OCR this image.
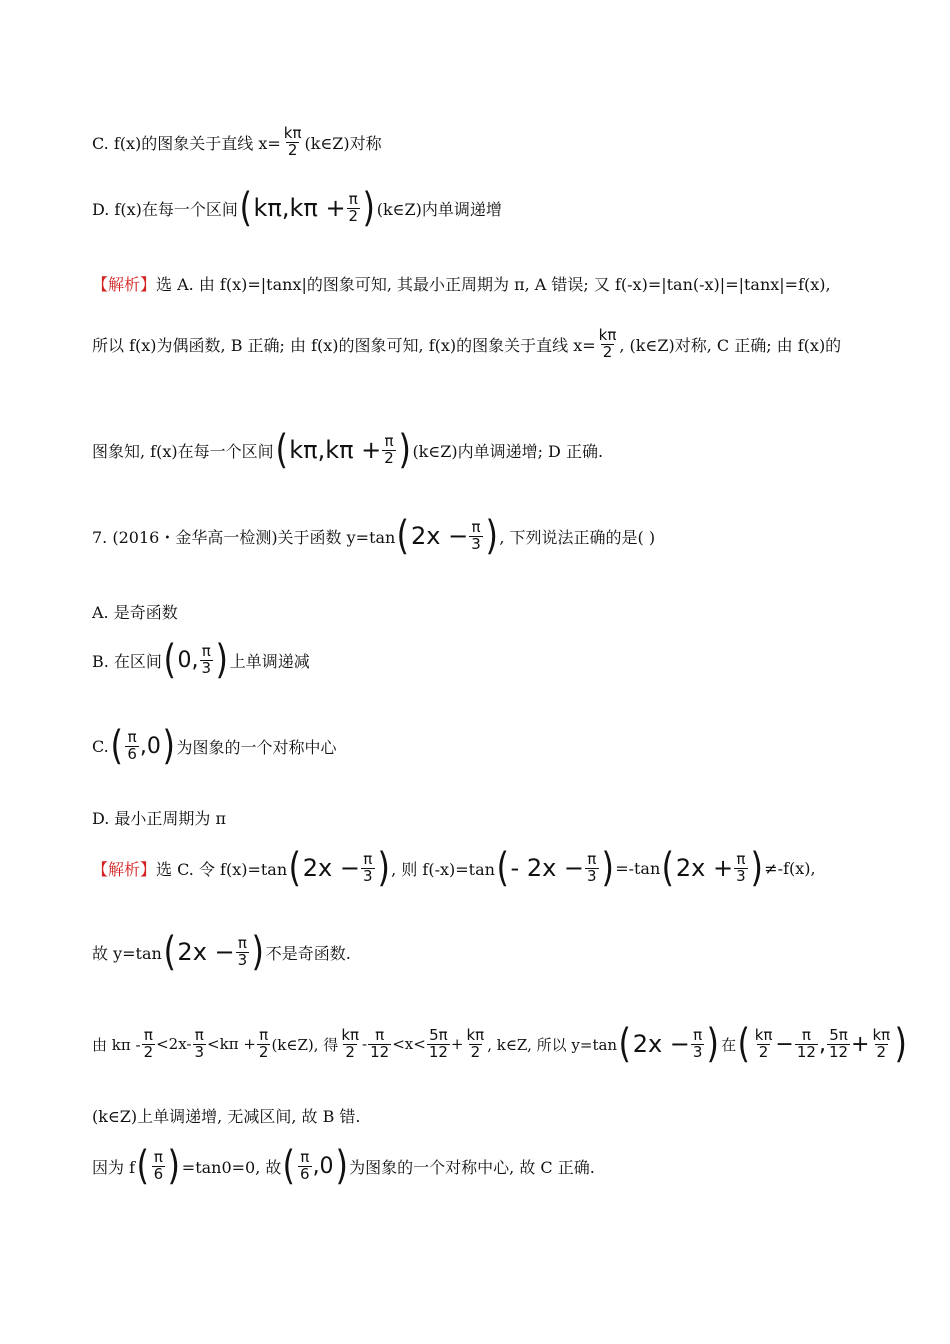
C. f(x)的图象关于直线 $x= \frac{k\pi}{2}$ (k∈Z)对称
D. f(x)在每一个区间 ( $k\pi,k\pi + \frac{\pi}{2}$ ) (k∈Z)内单调递增
【解析】 选 A. 由 f(x)=|tanx|的图象可知, 其最小正周期为 π, A 错误; 又 f(-x)=|tan(-x)|=|tanx|=f(x),
所以 f(x)为偶函数, B 正确; 由 f(x)的图象可知, f(x)的图象关于直线 $x= \frac{k\pi}{2}$ , (k∈Z)对称, C 正确; 由 f(x)的
图象知, f(x)在每一个区间 ( $k\pi,k\pi + \frac{\pi}{2}$ ) (k∈Z)内单调递增; D 正确.
7. (2016・金华高一检测)关于函数 y=tan ( $2x - \frac{\pi}{3}$ ) , 下列说法正确的是( )
A. 是奇函数
B. 在区间 ( 0, $\frac{\pi}{3}$ ) 上单调递减
C. ( $\frac{\pi}{6} ,0$ ) 为图象的一个对称中心
D. 最小正周期为 π
【解析】 选 C. 令 f(x)=tan ( $2x - \frac{\pi}{3}$ ) , 则 f(-x)=tan ( - $2x - \frac{\pi}{3}$ ) =-tan ( $2x + \frac{\pi}{3}$ ) ≠-f(x),
故 y=tan ( $2x - \frac{\pi}{3}$ ) 不是奇函数.
由 $k\pi - \frac{\pi}{2} <2x- \frac{\pi}{3} <k\pi + \frac{\pi}{2}$ (k∈Z), 得 $\frac{k\pi}{2} - \frac{\pi}{12} <x< \frac{5\pi}{12} + \frac{k\pi}{2}$ , k∈Z, 所以 y=tan ( $2x - \frac{\pi}{3}$ ) 在 ( $\frac{k\pi}{2} - \frac{\pi}{12}$ , $\frac{5\pi}{12} + \frac{k\pi}{2}$ )
(k∈Z)上单调递增, 无减区间, 故 B 错.
因为 f ( $\frac{\pi}{6}$ ) =tan0=0, 故 ( $\frac{\pi}{6} ,0$ ) 为图象的一个对称中心, 故 C 正确.
